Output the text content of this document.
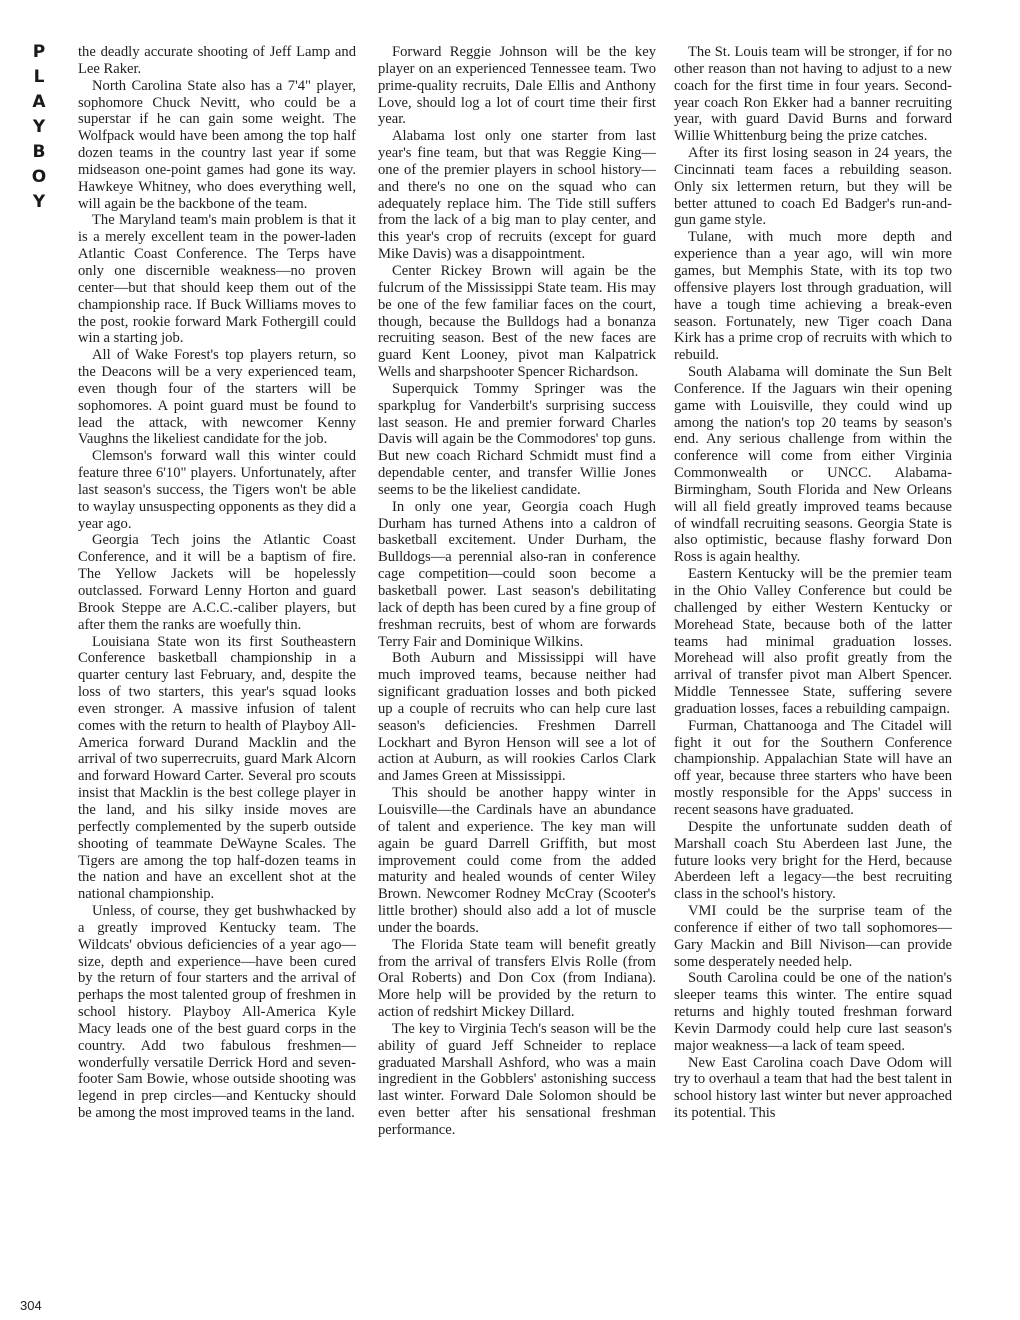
P
L
A
Y
B
O
Y
304

the deadly accurate shooting of Jeff Lamp and Lee Raker.

North Carolina State also has a 7'4" player, sophomore Chuck Nevitt, who could be a superstar if he can gain some weight. The Wolfpack would have been among the top half dozen teams in the country last year if some midseason one-point games had gone its way. Hawkeye Whitney, who does everything well, will again be the backbone of the team.

The Maryland team's main problem is that it is a merely excellent team in the power-laden Atlantic Coast Conference. The Terps have only one discernible weakness—no proven center—but that should keep them out of the championship race. If Buck Williams moves to the post, rookie forward Mark Fothergill could win a starting job.

All of Wake Forest's top players return, so the Deacons will be a very experienced team, even though four of the starters will be sophomores. A point guard must be found to lead the attack, with newcomer Kenny Vaughns the likeliest candidate for the job.

Clemson's forward wall this winter could feature three 6'10" players. Unfortunately, after last season's success, the Tigers won't be able to waylay unsuspecting opponents as they did a year ago.

Georgia Tech joins the Atlantic Coast Conference, and it will be a baptism of fire. The Yellow Jackets will be hopelessly outclassed. Forward Lenny Horton and guard Brook Steppe are A.C.C.-caliber players, but after them the ranks are woefully thin.

Louisiana State won its first Southeastern Conference basketball championship in a quarter century last February, and, despite the loss of two starters, this year's squad looks even stronger. A massive infusion of talent comes with the return to health of Playboy All-America forward Durand Macklin and the arrival of two superrecruits, guard Mark Alcorn and forward Howard Carter. Several pro scouts insist that Macklin is the best college player in the land, and his silky inside moves are perfectly complemented by the superb outside shooting of teammate DeWayne Scales. The Tigers are among the top half-dozen teams in the nation and have an excellent shot at the national championship.

Unless, of course, they get bushwhacked by a greatly improved Kentucky team. The Wildcats' obvious deficiencies of a year ago—size, depth and experience—have been cured by the return of four starters and the arrival of perhaps the most talented group of freshmen in school history. Playboy All-America Kyle Macy leads one of the best guard corps in the country. Add two fabulous freshmen—wonderfully versatile Derrick Hord and seven-footer Sam Bowie, whose outside shooting was legend in prep circles—and Kentucky should be among the most improved teams in the land.

Forward Reggie Johnson will be the key player on an experienced Tennessee team. Two prime-quality recruits, Dale Ellis and Anthony Love, should log a lot of court time their first year.

Alabama lost only one starter from last year's fine team, but that was Reggie King—one of the premier players in school history—and there's no one on the squad who can adequately replace him. The Tide still suffers from the lack of a big man to play center, and this year's crop of recruits (except for guard Mike Davis) was a disappointment.

Center Rickey Brown will again be the fulcrum of the Mississippi State team. His may be one of the few familiar faces on the court, though, because the Bulldogs had a bonanza recruiting season. Best of the new faces are guard Kent Looney, pivot man Kalpatrick Wells and sharpshooter Spencer Richardson.

Superquick Tommy Springer was the sparkplug for Vanderbilt's surprising success last season. He and premier forward Charles Davis will again be the Commodores' top guns. But new coach Richard Schmidt must find a dependable center, and transfer Willie Jones seems to be the likeliest candidate.

In only one year, Georgia coach Hugh Durham has turned Athens into a caldron of basketball excitement. Under Durham, the Bulldogs—a perennial also-ran in conference cage competition—could soon become a basketball power. Last season's debilitating lack of depth has been cured by a fine group of freshman recruits, best of whom are forwards Terry Fair and Dominique Wilkins.

Both Auburn and Mississippi will have much improved teams, because neither had significant graduation losses and both picked up a couple of recruits who can help cure last season's deficiencies. Freshmen Darrell Lockhart and Byron Henson will see a lot of action at Auburn, as will rookies Carlos Clark and James Green at Mississippi.

This should be another happy winter in Louisville—the Cardinals have an abundance of talent and experience. The key man will again be guard Darrell Griffith, but most improvement could come from the added maturity and healed wounds of center Wiley Brown. Newcomer Rodney McCray (Scooter's little brother) should also add a lot of muscle under the boards.

The Florida State team will benefit greatly from the arrival of transfers Elvis Rolle (from Oral Roberts) and Don Cox (from Indiana). More help will be provided by the return to action of redshirt Mickey Dillard.

The key to Virginia Tech's season will be the ability of guard Jeff Schneider to replace graduated Marshall Ashford, who was a main ingredient in the Gobblers' astonishing success last winter. Forward Dale Solomon should be even better after his sensational freshman performance.

The St. Louis team will be stronger, if for no other reason than not having to adjust to a new coach for the first time in four years. Second-year coach Ron Ekker had a banner recruiting year, with guard David Burns and forward Willie Whittenburg being the prize catches.

After its first losing season in 24 years, the Cincinnati team faces a rebuilding season. Only six lettermen return, but they will be better attuned to coach Ed Badger's run-and-gun game style.

Tulane, with much more depth and experience than a year ago, will win more games, but Memphis State, with its top two offensive players lost through graduation, will have a tough time achieving a break-even season. Fortunately, new Tiger coach Dana Kirk has a prime crop of recruits with which to rebuild.

South Alabama will dominate the Sun Belt Conference. If the Jaguars win their opening game with Louisville, they could wind up among the nation's top 20 teams by season's end. Any serious challenge from within the conference will come from either Virginia Commonwealth or UNCC. Alabama-Birmingham, South Florida and New Orleans will all field greatly improved teams because of windfall recruiting seasons. Georgia State is also optimistic, because flashy forward Don Ross is again healthy.

Eastern Kentucky will be the premier team in the Ohio Valley Conference but could be challenged by either Western Kentucky or Morehead State, because both of the latter teams had minimal graduation losses. Morehead will also profit greatly from the arrival of transfer pivot man Albert Spencer. Middle Tennessee State, suffering severe graduation losses, faces a rebuilding campaign.

Furman, Chattanooga and The Citadel will fight it out for the Southern Conference championship. Appalachian State will have an off year, because three starters who have been mostly responsible for the Apps' success in recent seasons have graduated.

Despite the unfortunate sudden death of Marshall coach Stu Aberdeen last June, the future looks very bright for the Herd, because Aberdeen left a legacy—the best recruiting class in the school's history.

VMI could be the surprise team of the conference if either of two tall sophomores—Gary Mackin and Bill Nivison—can provide some desperately needed help.

South Carolina could be one of the nation's sleeper teams this winter. The entire squad returns and highly touted freshman forward Kevin Darmody could help cure last season's major weakness—a lack of team speed.

New East Carolina coach Dave Odom will try to overhaul a team that had the best talent in school history last winter but never approached its potential. This
